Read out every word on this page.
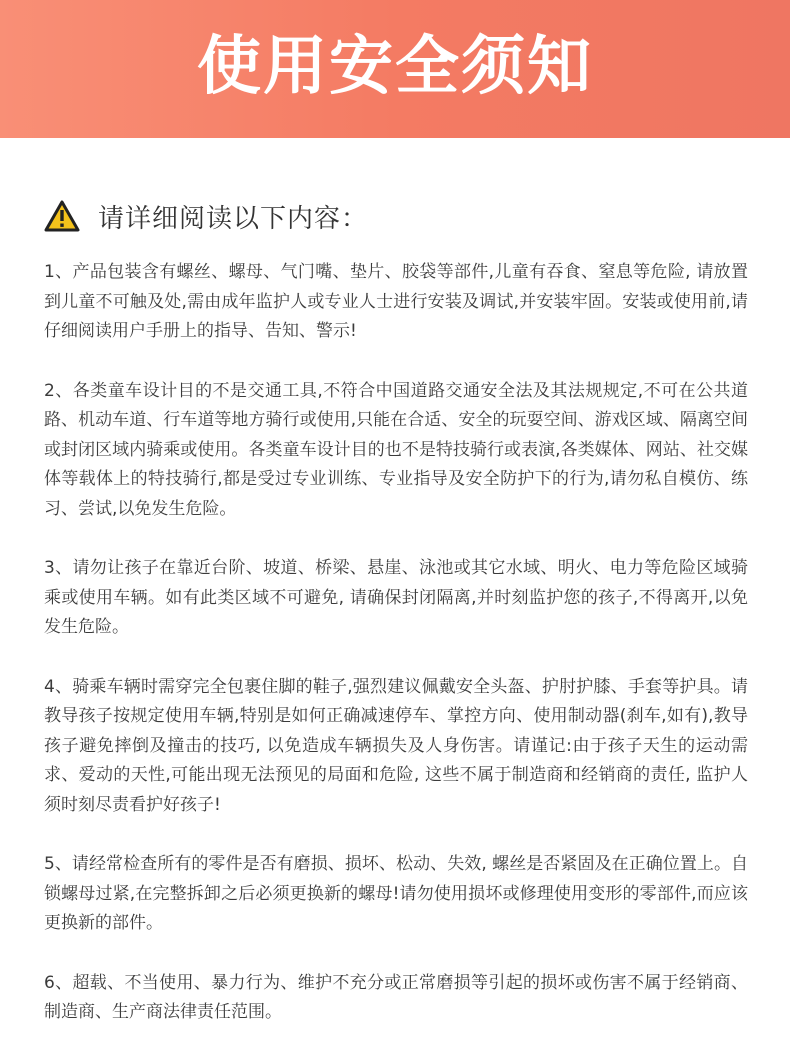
使用安全须知
请详细阅读以下内容：

1、产品包装含有螺丝、螺母、气门嘴、垫片、胶袋等部件,儿童有吞食、窒息等危险, 请放置到儿童不可触及处,需由成年监护人或专业人士进行安装及调试,并安装牢固。安装或使用前,请仔细阅读用户手册上的指导、告知、警示!

2、各类童车设计目的不是交通工具,不符合中国道路交通安全法及其法规规定,不可在公共道路、机动车道、行车道等地方骑行或使用,只能在合适、安全的玩耍空间、游戏区域、隔离空间或封闭区域内骑乘或使用。各类童车设计目的也不是特技骑行或表演,各类媒体、网站、社交媒体等载体上的特技骑行,都是受过专业训练、专业指导及安全防护下的行为,请勿私自模仿、练习、尝试,以免发生危险。

3、请勿让孩子在靠近台阶、坡道、桥梁、悬崖、泳池或其它水域、明火、电力等危险区域骑乘或使用车辆。如有此类区域不可避免, 请确保封闭隔离,并时刻监护您的孩子,不得离开,以免发生危险。

4、骑乘车辆时需穿完全包裹住脚的鞋子,强烈建议佩戴安全头盔、护肘护膝、手套等护具。请教导孩子按规定使用车辆,特别是如何正确减速停车、掌控方向、使用制动器(刹车,如有),教导孩子避免摔倒及撞击的技巧, 以免造成车辆损失及人身伤害。请谨记:由于孩子天生的运动需求、爱动的天性,可能出现无法预见的局面和危险, 这些不属于制造商和经销商的责任, 监护人须时刻尽责看护好孩子!

5、请经常检查所有的零件是否有磨损、损坏、松动、失效, 螺丝是否紧固及在正确位置上。自锁螺母过紧,在完整拆卸之后必须更换新的螺母!请勿使用损坏或修理使用变形的零部件,而应该更换新的部件。

6、超载、不当使用、暴力行为、维护不充分或正常磨损等引起的损坏或伤害不属于经销商、制造商、生产商法律责任范围。
